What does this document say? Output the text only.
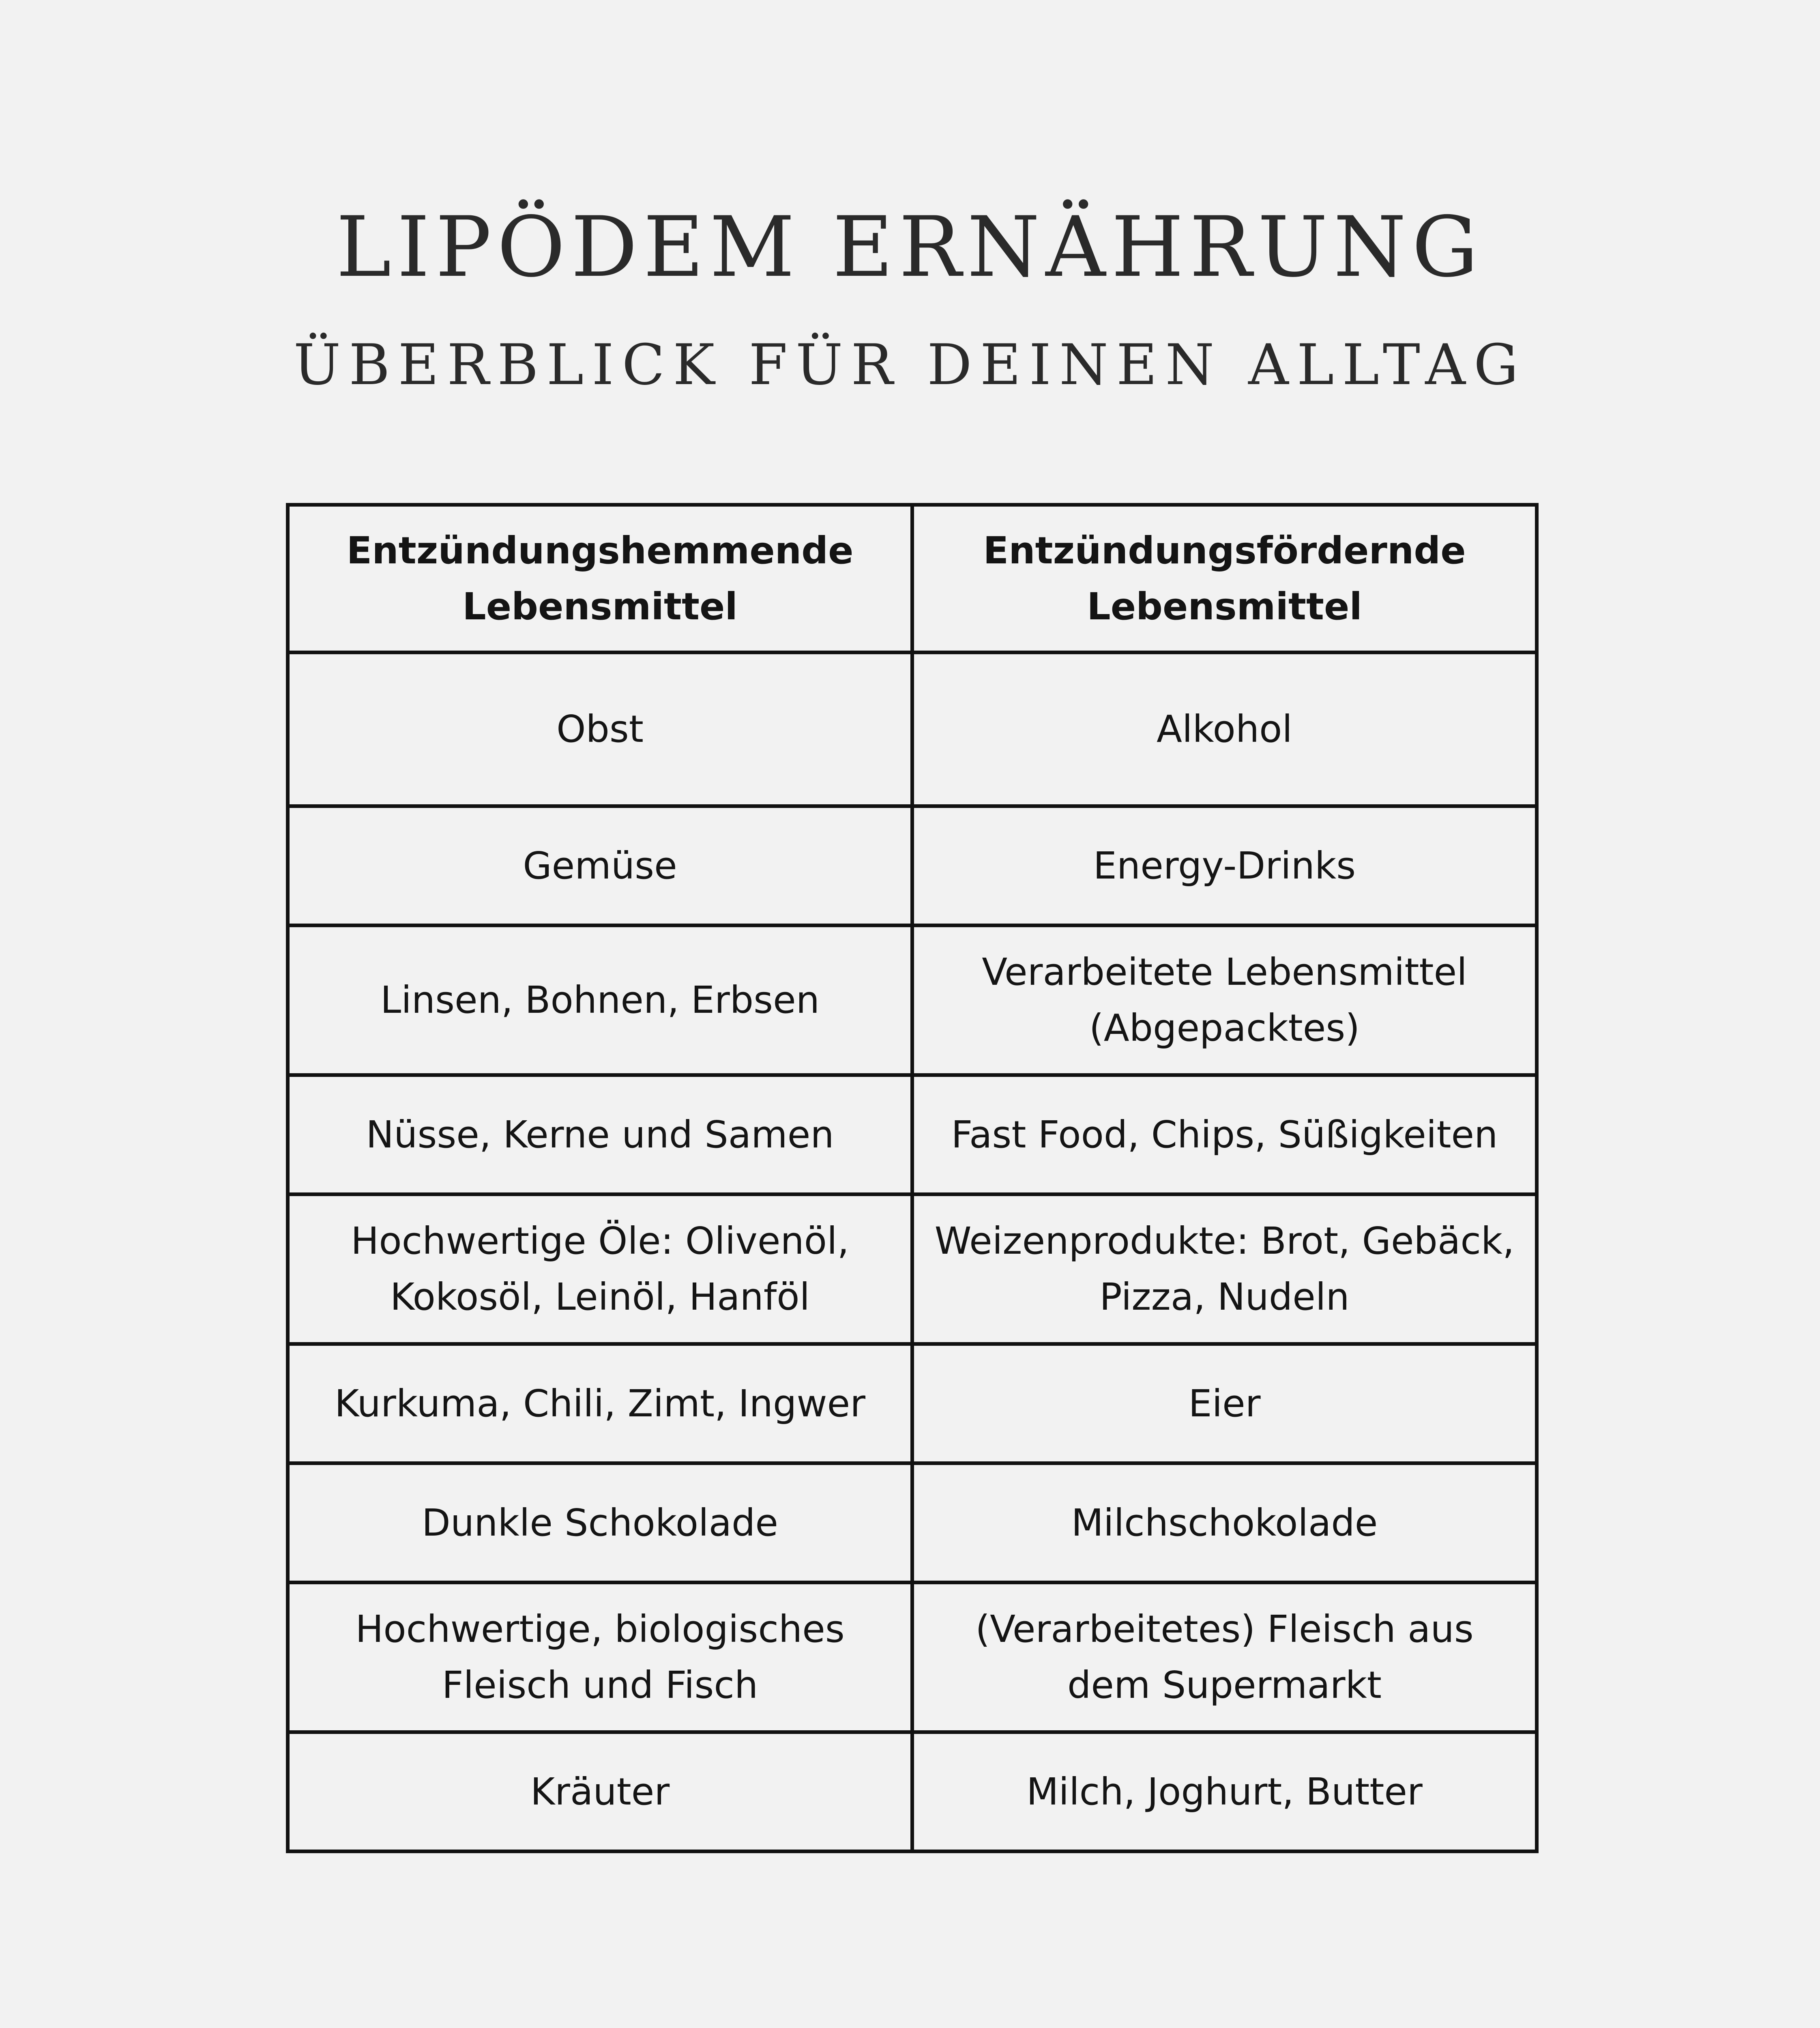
LIPÖDEM ERNÄHRUNG
ÜBERBLICK FÜR DEINEN ALLTAG
Entzündungshemmende Lebensmittel	Entzündungsfördernde Lebensmittel
Obst	Alkohol
Gemüse	Energy-Drinks
Linsen, Bohnen, Erbsen	Verarbeitete Lebensmittel (Abgepacktes)
Nüsse, Kerne und Samen	Fast Food, Chips, Süßigkeiten
Hochwertige Öle: Olivenöl, Kokosöl, Leinöl, Hanföl	Weizenprodukte: Brot, Gebäck, Pizza, Nudeln
Kurkuma, Chili, Zimt, Ingwer	Eier
Dunkle Schokolade	Milchschokolade
Hochwertige, biologisches Fleisch und Fisch	(Verarbeitetes) Fleisch aus dem Supermarkt
Kräuter	Milch, Joghurt, Butter
